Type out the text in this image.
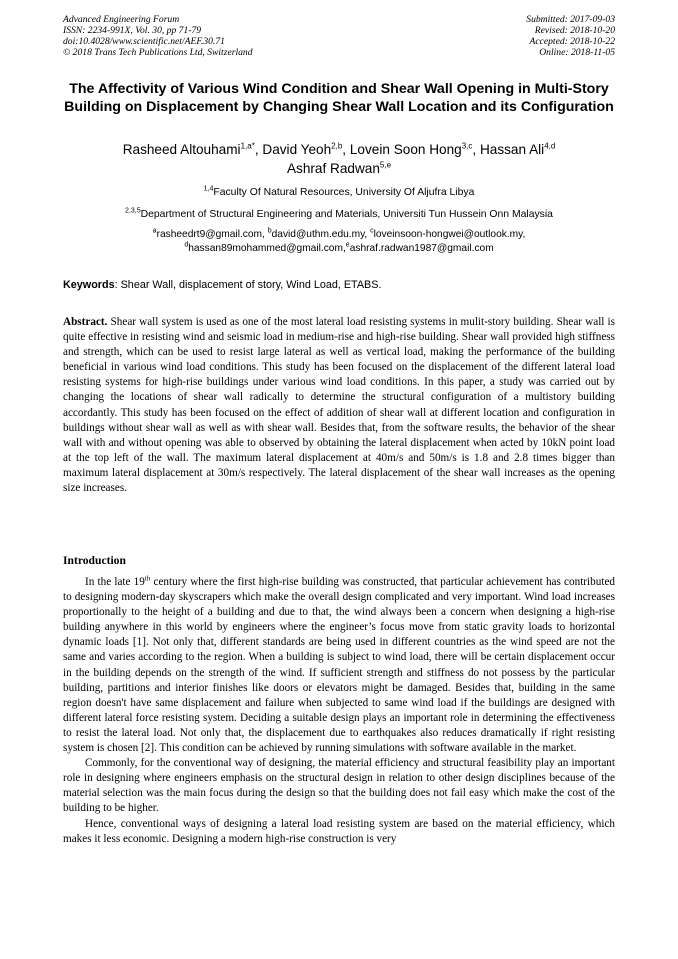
Advanced Engineering Forum
ISSN: 2234-991X, Vol. 30, pp 71-79
doi:10.4028/www.scientific.net/AEF.30.71
© 2018 Trans Tech Publications Ltd, Switzerland
Submitted: 2017-09-03
Revised: 2018-10-20
Accepted: 2018-10-22
Online: 2018-11-05
The Affectivity of Various Wind Condition and Shear Wall Opening in Multi-Story Building on Displacement by Changing Shear Wall Location and its Configuration
Rasheed Altouhami$^{1,a*}$, David Yeoh$^{2,b}$, Lovein Soon Hong$^{3,c}$, Hassan Ali$^{4,d}$
Ashraf Radwan$^{5,e}$
$^{1,4}$Faculty Of Natural Resources, University Of Aljufra Libya
$^{2,3,5}$Department of Structural Engineering and Materials, Universiti Tun Hussein Onn Malaysia
$^a$rasheedrt9@gmail.com, $^b$david@uthm.edu.my, $^c$loveinsoon-hongwei@outlook.my,
$^d$hassan89mohammed@gmail.com,$^e$ashraf.radwan1987@gmail.com
Keywords: Shear Wall, displacement of story, Wind Load, ETABS.
Abstract. Shear wall system is used as one of the most lateral load resisting systems in mulit-story building. Shear wall is quite effective in resisting wind and seismic load in medium-rise and high-rise building. Shear wall provided high stiffness and strength, which can be used to resist large lateral as well as vertical load, making the performance of the building beneficial in various wind load conditions. This study has been focused on the displacement of the different lateral load resisting systems for high-rise buildings under various wind load conditions. In this paper, a study was carried out by changing the locations of shear wall radically to determine the structural configuration of a multistory building accordantly. This study has been focused on the effect of addition of shear wall at different location and configuration in buildings without shear wall as well as with shear wall. Besides that, from the software results, the behavior of the shear wall with and without opening was able to observed by obtaining the lateral displacement when acted by 10kN point load at the top left of the wall. The maximum lateral displacement at 40m/s and 50m/s is 1.8 and 2.8 times bigger than maximum lateral displacement at 30m/s respectively. The lateral displacement of the shear wall increases as the opening size increases.
Introduction

In the late 19th century where the first high-rise building was constructed, that particular achievement has contributed to designing modern-day skyscrapers which make the overall design complicated and very important. Wind load increases proportionally to the height of a building and due to that, the wind always been a concern when designing a high-rise building anywhere in this world by engineers where the engineer’s focus move from static gravity loads to horizontal dynamic loads [1]. Not only that, different standards are being used in different countries as the wind speed are not the same and varies according to the region. When a building is subject to wind load, there will be certain displacement occur in the building depends on the strength of the wind. If sufficient strength and stiffness do not possess by the particular building, partitions and interior finishes like doors or elevators might be damaged. Besides that, building in the same region doesn't have same displacement and failure when subjected to same wind load if the buildings are designed with different lateral force resisting system. Deciding a suitable design plays an important role in determining the effectiveness to resist the lateral load. Not only that, the displacement due to earthquakes also reduces dramatically if right resisting system is chosen [2]. This condition can be achieved by running simulations with software available in the market.

Commonly, for the conventional way of designing, the material efficiency and structural feasibility play an important role in designing where engineers emphasis on the structural design in relation to other design disciplines because of the material selection was the main focus during the design so that the building does not fail easy which make the cost of the building to be higher.

Hence, conventional ways of designing a lateral load resisting system are based on the material efficiency, which makes it less economic. Designing a modern high-rise construction is very
